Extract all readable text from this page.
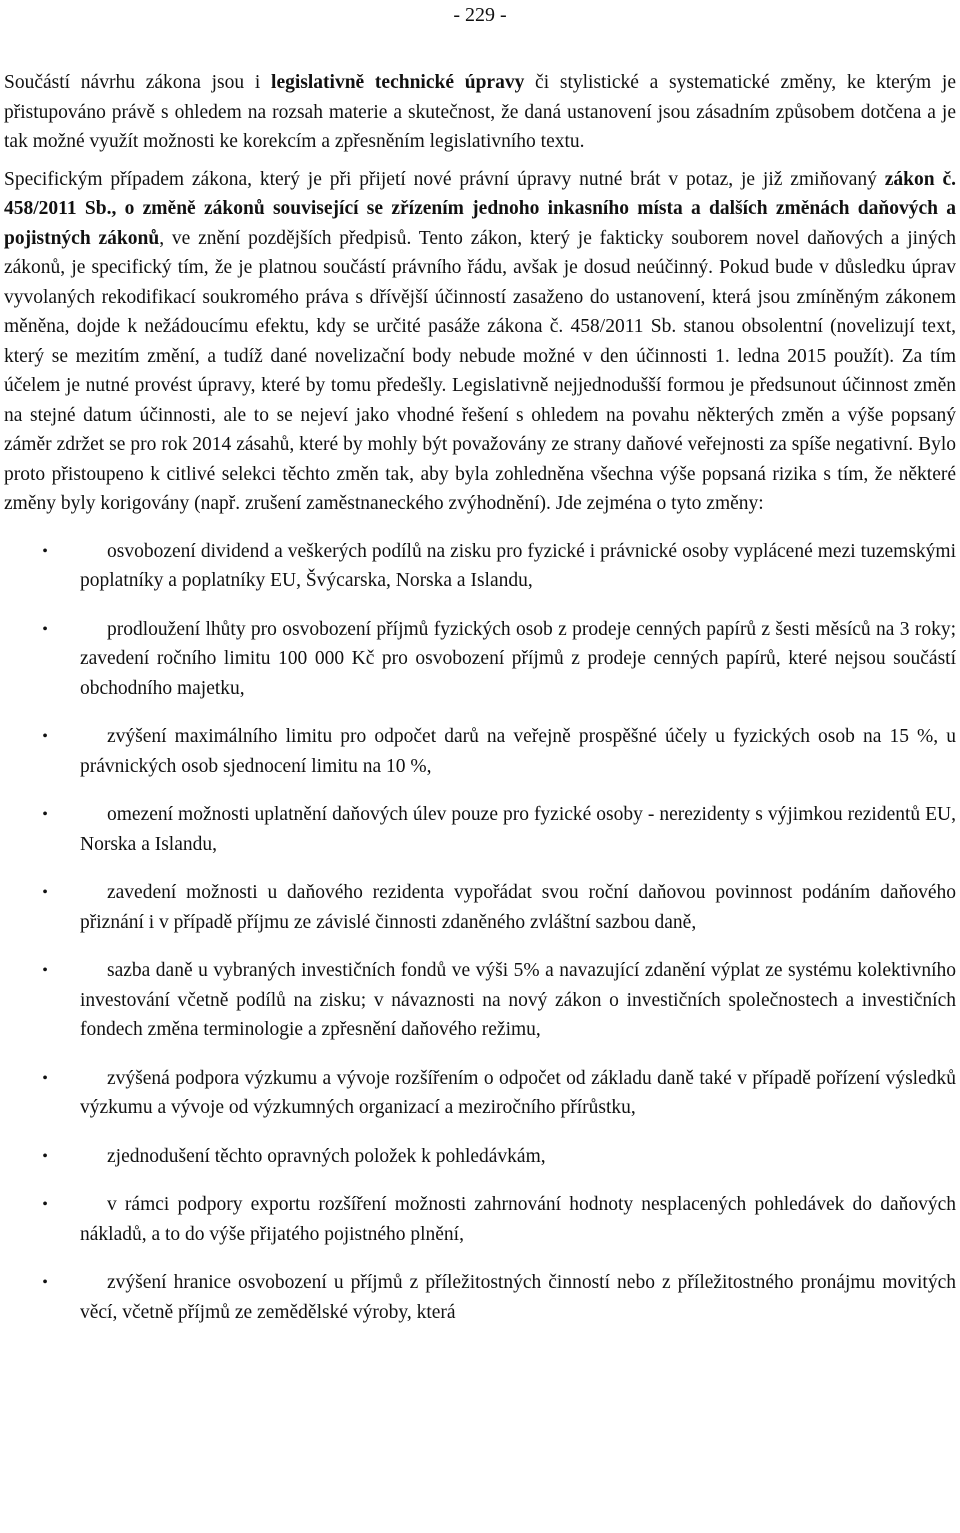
- 229 -

Součástí návrhu zákona jsou i legislativně technické úpravy či stylistické a systematické změny, ke kterým je přistupováno právě s ohledem na rozsah materie a skutečnost, že daná ustanovení jsou zásadním způsobem dotčena a je tak možné využít možnosti ke korekcím a zpřesněním legislativního textu.

Specifickým případem zákona, který je při přijetí nové právní úpravy nutné brát v potaz, je již zmiňovaný zákon č. 458/2011 Sb., o změně zákonů související se zřízením jednoho inkasního místa a dalších změnách daňových a pojistných zákonů, ve znění pozdějších předpisů. Tento zákon, který je fakticky souborem novel daňových a jiných zákonů, je specifický tím, že je platnou součástí právního řádu, avšak je dosud neúčinný. Pokud bude v důsledku úprav vyvolaných rekodifikací soukromého práva s dřívější účinností zasaženo do ustanovení, která jsou zmíněným zákonem měněna, dojde k nežádoucímu efektu, kdy se určité pasáže zákona č. 458/2011 Sb. stanou obsolentní (novelizují text, který se mezitím změní, a tudíž dané novelizační body nebude možné v den účinnosti 1. ledna 2015 použít). Za tím účelem je nutné provést úpravy, které by tomu předešly. Legislativně nejjednodušší formou je předsunout účinnost změn na stejné datum účinnosti, ale to se nejeví jako vhodné řešení s ohledem na povahu některých změn a výše popsaný záměr zdržet se pro rok 2014 zásahů, které by mohly být považovány ze strany daňové veřejnosti za spíše negativní. Bylo proto přistoupeno k citlivé selekci těchto změn tak, aby byla zohledněna všechna výše popsaná rizika s tím, že některé změny byly korigovány (např. zrušení zaměstnaneckého zvýhodnění). Jde zejména o tyto změny:

•	osvobození dividend a veškerých podílů na zisku pro fyzické i právnické osoby vyplácené mezi tuzemskými poplatníky a poplatníky EU, Švýcarska, Norska a Islandu,
•	prodloužení lhůty pro osvobození příjmů fyzických osob z prodeje cenných papírů z šesti měsíců na 3 roky; zavedení ročního limitu 100 000 Kč pro osvobození příjmů z prodeje cenných papírů, které nejsou součástí obchodního majetku,
•	zvýšení maximálního limitu pro odpočet darů na veřejně prospěšné účely u fyzických osob na 15 %, u právnických osob sjednocení limitu na 10 %,
•	omezení možnosti uplatnění daňových úlev pouze pro fyzické osoby - nerezidenty s výjimkou rezidentů EU, Norska a Islandu,
•	zavedení možnosti u daňového rezidenta vypořádat svou roční daňovou povinnost podáním daňového přiznání i v případě příjmu ze závislé činnosti zdaněného zvláštní sazbou daně,
•	sazba daně u vybraných investičních fondů ve výši 5% a navazující zdanění výplat ze systému kolektivního investování včetně podílů na zisku; v návaznosti na nový zákon o investičních společnostech a investičních fondech změna terminologie a zpřesnění daňového režimu,
•	zvýšená podpora výzkumu a vývoje rozšířením o odpočet od základu daně také v případě pořízení výsledků výzkumu a vývoje od výzkumných organizací a meziročního přírůstku,
•	zjednodušení těchto opravných položek k pohledávkám,
•	v rámci podpory exportu rozšíření možnosti zahrnování hodnoty nesplacených pohledávek do daňových nákladů, a to do výše přijatého pojistného plnění,
•	zvýšení hranice osvobození u příjmů z příležitostných činností nebo z příležitostného pronájmu movitých věcí, včetně příjmů ze zemědělské výroby, která
